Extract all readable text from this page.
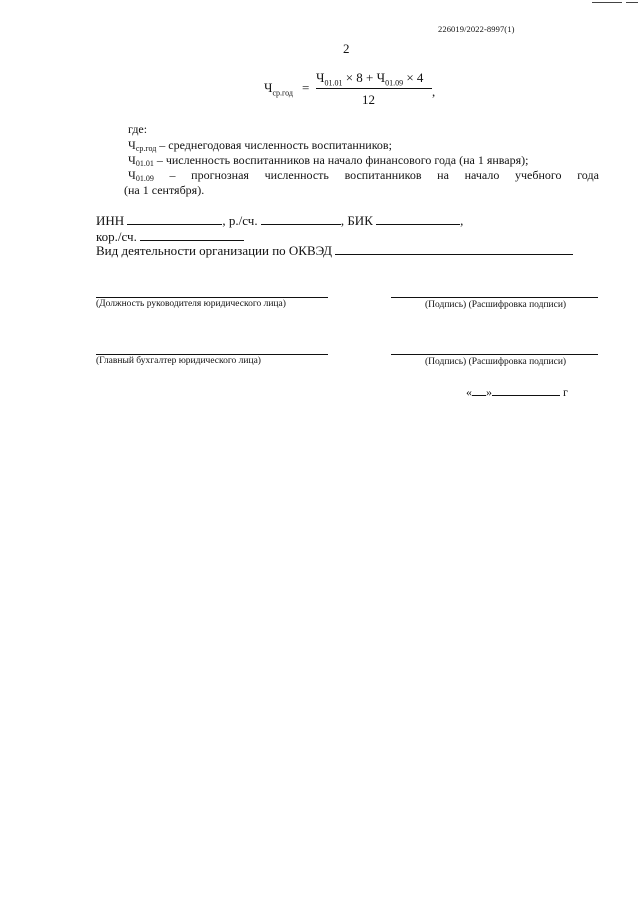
226019/2022-8997(1)
2
$Ч_{ср.год}$ =
$Ч_{01.01} \times 8 + Ч_{01.09} \times 4$
12
,
где:
$Ч_{ср.год}$ – среднегодовая численность воспитанников;
$Ч_{01.01}$ – численность воспитанников на начало финансового года (на 1 января);
$Ч_{01.09}$ – прогнозная численность воспитанников на начало учебного года
(на 1 сентября).
ИНН	, р./сч.	, БИК	,
кор./сч.
Вид деятельности организации по ОКВЭД
(Должность руководителя юридического лица)	(Подпись) (Расшифровка подписи)
(Главный бухгалтер юридического лица)	(Подпись) (Расшифровка подписи)
« »	г
